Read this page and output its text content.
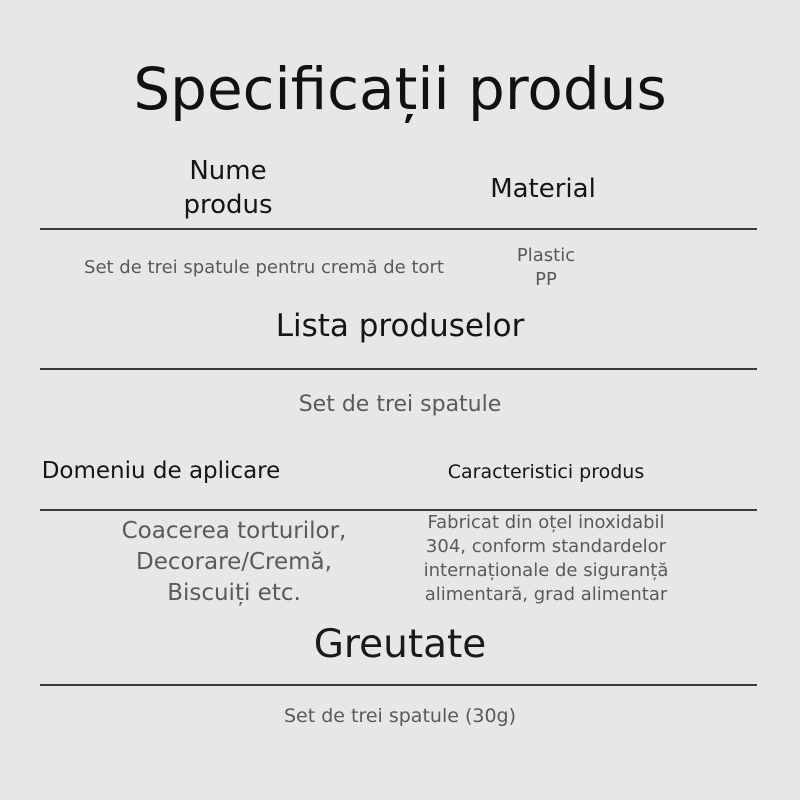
Specificații produs
Nume
produs
Material
Set de trei spatule pentru cremă de tort
Plastic
PP
Lista produselor
Set de trei spatule
Domeniu de aplicare	Caracteristici produs
Coacerea torturilor,
Decorare/Cremă,
Biscuiți etc.
Fabricat din oțel inoxidabil
304, conform standardelor
internaționale de siguranță
alimentară, grad alimentar
Greutate
Set de trei spatule (30g)
